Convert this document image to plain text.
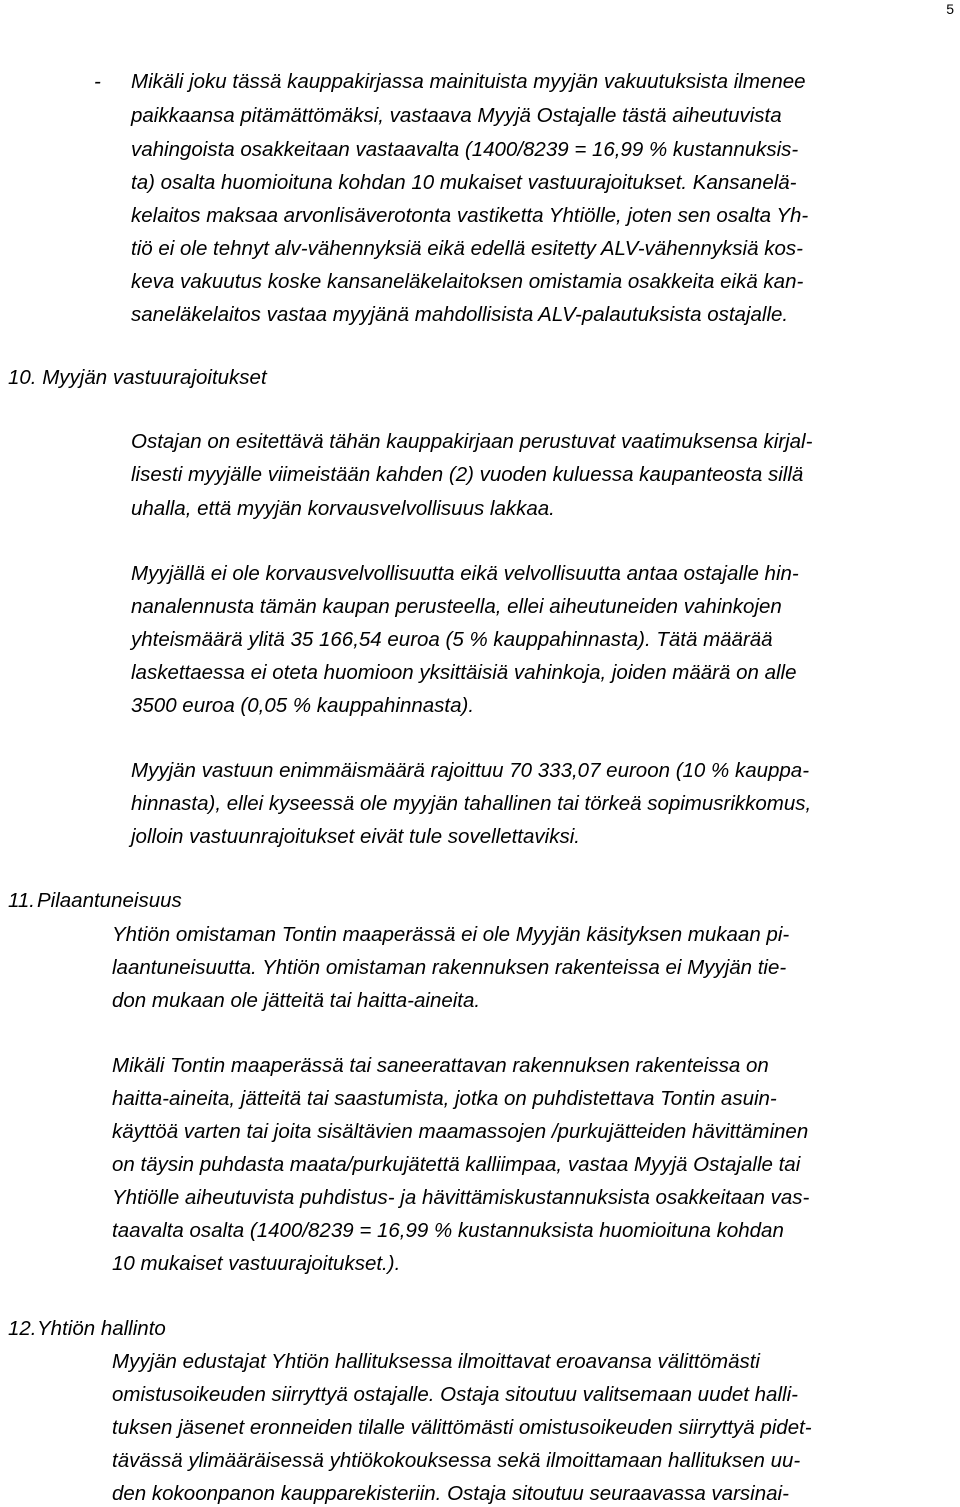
5
- Mikäli joku tässä kauppakirjassa mainituista myyjän vakuutuksista ilmenee
paikkaansa pitämättömäksi, vastaava Myyjä Ostajalle tästä aiheutuvista
vahingoista osakkeitaan vastaavalta (1400/8239 = 16,99 % kustannuksis-
ta) osalta huomioituna kohdan 10 mukaiset vastuurajoitukset. Kansanelä-
kelaitos maksaa arvonlisäverotonta vastiketta Yhtiölle, joten sen osalta Yh-
tiö ei ole tehnyt alv-vähennyksiä eikä edellä esitetty ALV-vähennyksiä kos-
keva vakuutus koske kansaneläkelaitoksen omistamia osakkeita eikä kan-
saneläkelaitos vastaa myyjänä mahdollisista ALV-palautuksista ostajalle.
10. Myyjän vastuurajoitukset
Ostajan on esitettävä tähän kauppakirjaan perustuvat vaatimuksensa kirjal-
lisesti myyjälle viimeistään kahden (2) vuoden kuluessa kaupanteosta sillä
uhalla, että myyjän korvausvelvollisuus lakkaa.
Myyjällä ei ole korvausvelvollisuutta eikä velvollisuutta antaa ostajalle hin-
nanalennusta tämän kaupan perusteella, ellei aiheutuneiden vahinkojen
yhteismäärä ylitä 35 166,54 euroa (5 % kauppahinnasta). Tätä määrää
laskettaessa ei oteta huomioon yksittäisiä vahinkoja, joiden määrä on alle
3500 euroa (0,05 % kauppahinnasta).
Myyjän vastuun enimmäismäärä rajoittuu 70 333,07 euroon (10 % kauppa-
hinnasta), ellei kyseessä ole myyjän tahallinen tai törkeä sopimusrikkomus,
jolloin vastuunrajoitukset eivät tule sovellettaviksi.
11. Pilaantuneisuus
Yhtiön omistaman Tontin maaperässä ei ole Myyjän käsityksen mukaan pi-
laantuneisuutta. Yhtiön omistaman rakennuksen rakenteissa ei Myyjän tie-
don mukaan ole jätteitä tai haitta-aineita.
Mikäli Tontin maaperässä tai saneerattavan rakennuksen rakenteissa on
haitta-aineita, jätteitä tai saastumista, jotka on puhdistettava Tontin asuin-
käyttöä varten tai joita sisältävien maamassojen /purkujätteiden hävittäminen
on täysin puhdasta maata/purkujätettä kalliimpaa, vastaa Myyjä Ostajalle tai
Yhtiölle aiheutuvista puhdistus- ja hävittämiskustannuksista osakkeitaan vas-
taavalta osalta (1400/8239 = 16,99 % kustannuksista huomioituna kohdan
10 mukaiset vastuurajoitukset.).
12. Yhtiön hallinto
Myyjän edustajat Yhtiön hallituksessa ilmoittavat eroavansa välittömästi
omistusoikeuden siirryttyä ostajalle. Ostaja sitoutuu valitsemaan uudet halli-
tuksen jäsenet eronneiden tilalle välittömästi omistusoikeuden siirryttyä pidet-
tävässä ylimääräisessä yhtiökokouksessa sekä ilmoittamaan hallituksen uu-
den kokoonpanon kaupparekisteriin. Ostaja sitoutuu seuraavassa varsinai-
